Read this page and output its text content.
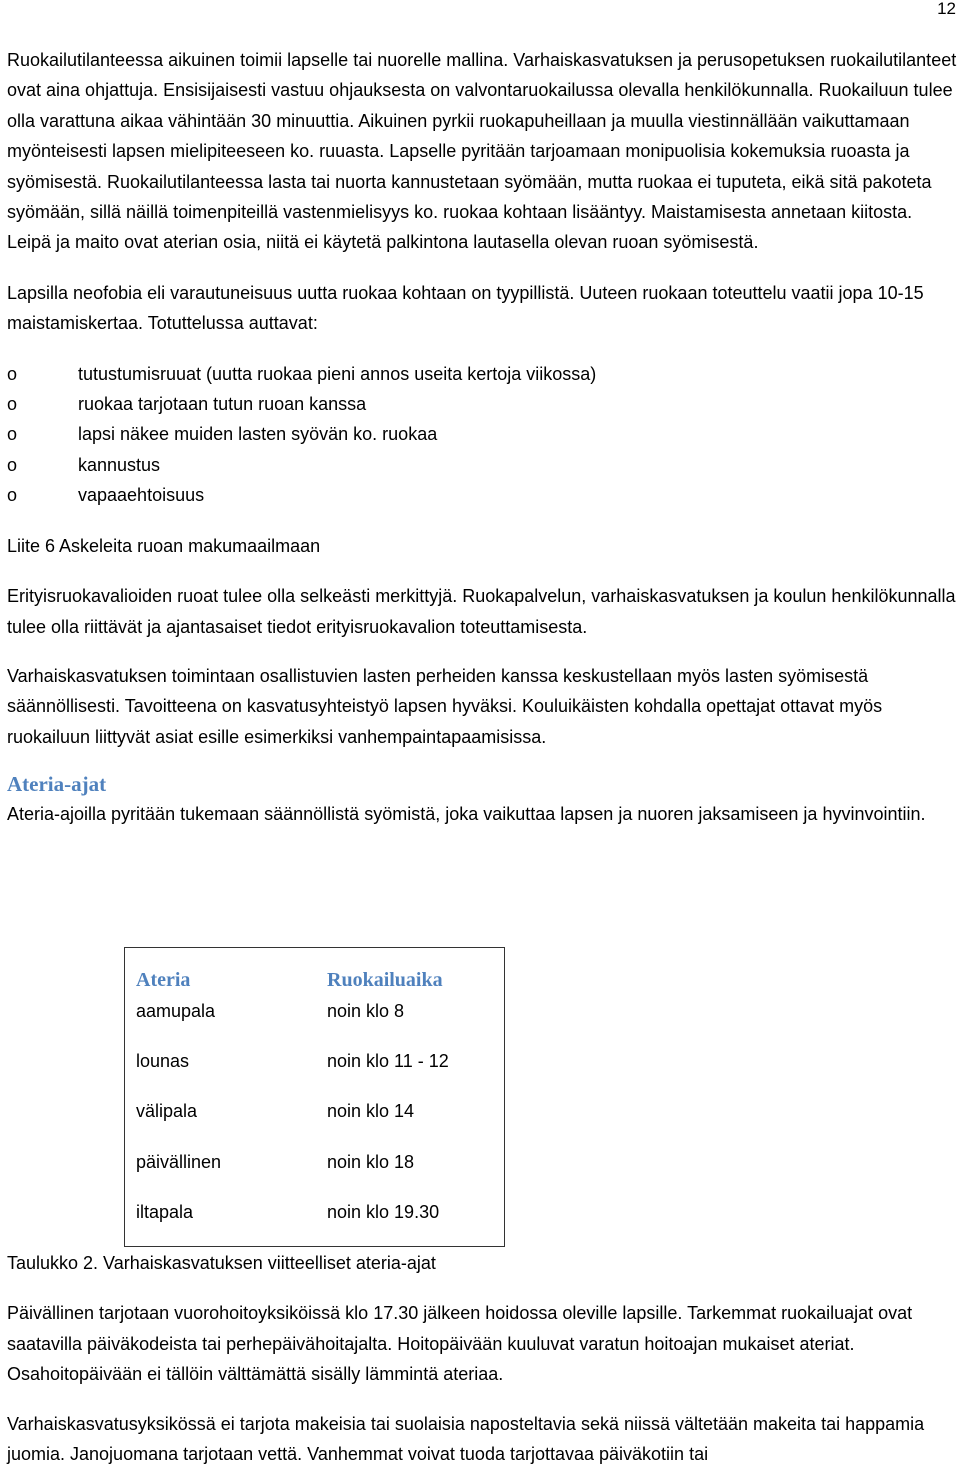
12

Ruokailutilanteessa aikuinen toimii lapselle tai nuorelle mallina. Varhaiskasvatuksen ja perusopetuksen ruokailutilanteet ovat aina ohjattuja. Ensisijaisesti vastuu ohjauksesta on valvontaruokailussa olevalla henkilökunnalla. Ruokailuun tulee olla varattuna aikaa vähintään 30 minuuttia. Aikuinen pyrkii ruokapuheillaan ja muulla viestinnällään vaikuttamaan myönteisesti lapsen mielipiteeseen ko. ruuasta. Lapselle pyritään tarjoamaan monipuolisia kokemuksia ruoasta ja syömisestä. Ruokailutilanteessa lasta tai nuorta kannustetaan syömään, mutta ruokaa ei tuputeta, eikä sitä pakoteta syömään, sillä näillä toimenpiteillä vastenmielisyys ko. ruokaa kohtaan lisääntyy. Maistamisesta annetaan kiitosta. Leipä ja maito ovat aterian osia, niitä ei käytetä palkintona lautasella olevan ruoan syömisestä.

Lapsilla neofobia eli varautuneisuus uutta ruokaa kohtaan on tyypillistä. Uuteen ruokaan toteuttelu vaatii jopa 10-15 maistamiskertaa. Totuttelussa auttavat:

o	tutustumisruuat (uutta ruokaa pieni annos useita kertoja viikossa)
o	ruokaa tarjotaan tutun ruoan kanssa
o	lapsi näkee muiden lasten syövän ko. ruokaa
o	kannustus
o	vapaaehtoisuus

Liite 6 Askeleita ruoan makumaailmaan

Erityisruokavalioiden ruoat tulee olla selkeästi merkittyjä. Ruokapalvelun, varhaiskasvatuksen ja koulun henkilökunnalla tulee olla riittävät ja ajantasaiset tiedot erityisruokavalion toteuttamisesta.

Varhaiskasvatuksen toimintaan osallistuvien lasten perheiden kanssa keskustellaan myös lasten syömisestä säännöllisesti. Tavoitteena on kasvatusyhteistyö lapsen hyväksi. Kouluikäisten kohdalla opettajat ottavat myös ruokailuun liittyvät asiat esille esimerkiksi vanhempaintapaamisissa.

Ateria-ajat

Ateria-ajoilla pyritään tukemaan säännöllistä syömistä, joka vaikuttaa lapsen ja nuoren jaksamiseen ja hyvinvointiin.

Ateria	Ruokailuaika
aamupala	noin klo 8
lounas	noin klo 11 - 12
välipala	noin klo 14
päivällinen	noin klo 18
iltapala	noin klo 19.30

Taulukko 2. Varhaiskasvatuksen viitteelliset ateria-ajat

Päivällinen tarjotaan vuorohoitoyksiköissä klo 17.30 jälkeen hoidossa oleville lapsille. Tarkemmat ruokailuajat ovat saatavilla päiväkodeista tai perhepäivähoitajalta. Hoitopäivään kuuluvat varatun hoitoajan mukaiset ateriat. Osahoitopäivään ei tällöin välttämättä sisälly lämmintä ateriaa.

Varhaiskasvatusyksikössä ei tarjota makeisia tai suolaisia naposteltavia sekä niissä vältetään makeita tai happamia juomia. Janojuomana tarjotaan vettä. Vanhemmat voivat tuoda tarjottavaa päiväkotiin tai
